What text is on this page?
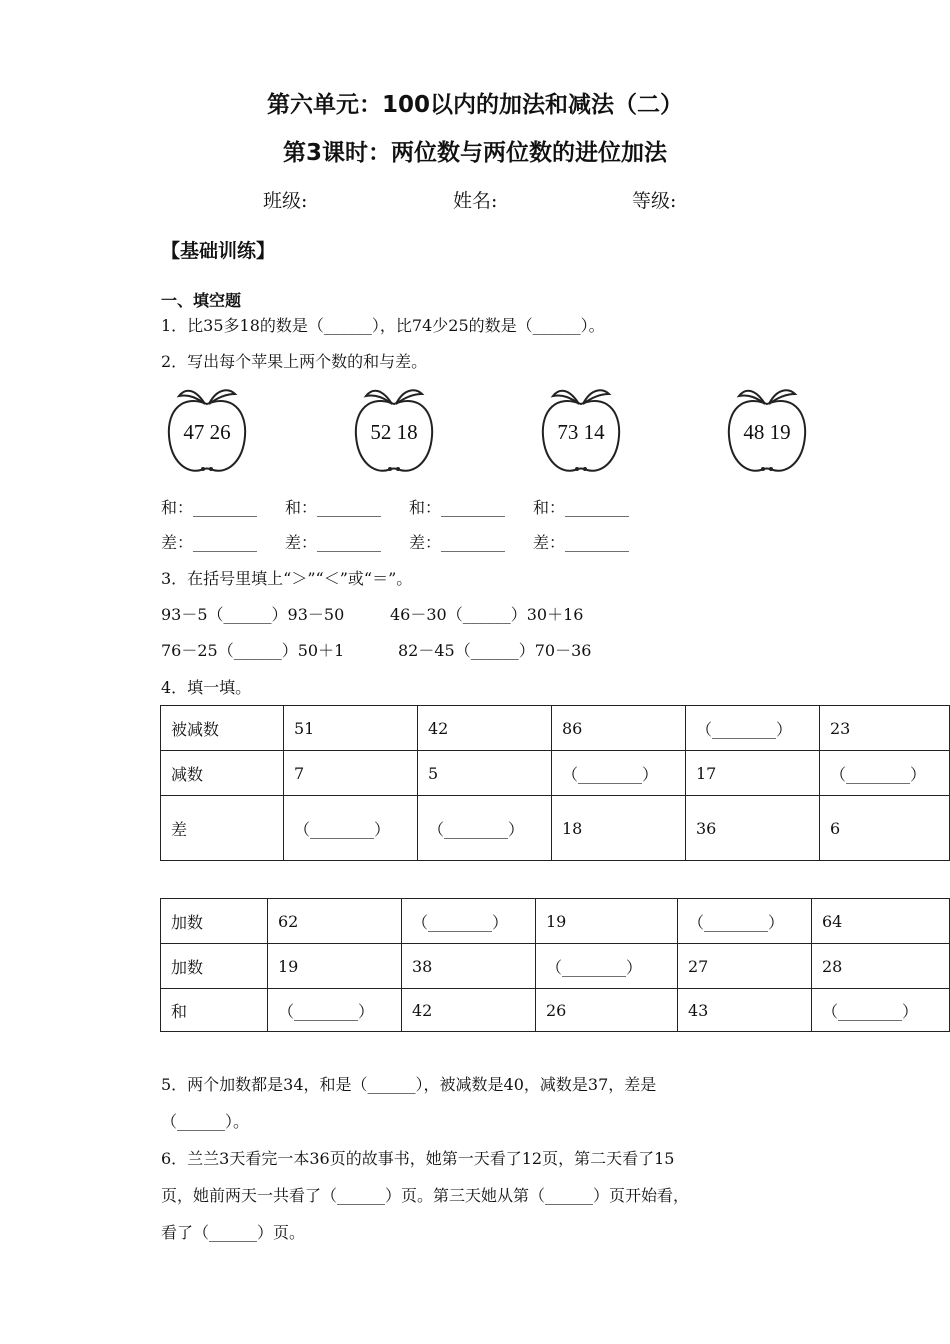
第六单元：100以内的加法和减法（二）
第3课时：两位数与两位数的进位加法
班级:	姓名:	等级:
【基础训练】
一、填空题
1．比35多18的数是（______），比74少25的数是（______）。
2．写出每个苹果上两个数的和与差。
47 26	52 18	73 14	48 19
和：________ 和：________ 和：________ 和：________
差：________ 差：________ 差：________ 差：________
3．在括号里填上“＞”“＜”或“＝”。
93－5（______）93－50	46－30（______）30＋16
76－25（______）50＋1	82－45（______）70－36
4．填一填。
被减数	51	42	86	（________）	23
减数	7	5	（________）	17	（________）
差	（________）	（________）	18	36	6
加数	62	（________）	19	（________）	64
加数	19	38	（________）	27	28
和	（________）	42	26	43	（________）
5．两个加数都是34，和是（______），被减数是40，减数是37，差是
（______）。
6．兰兰3天看完一本36页的故事书，她第一天看了12页，第二天看了15
页，她前两天一共看了（______）页。第三天她从第（______）页开始看，
看了（______）页。
